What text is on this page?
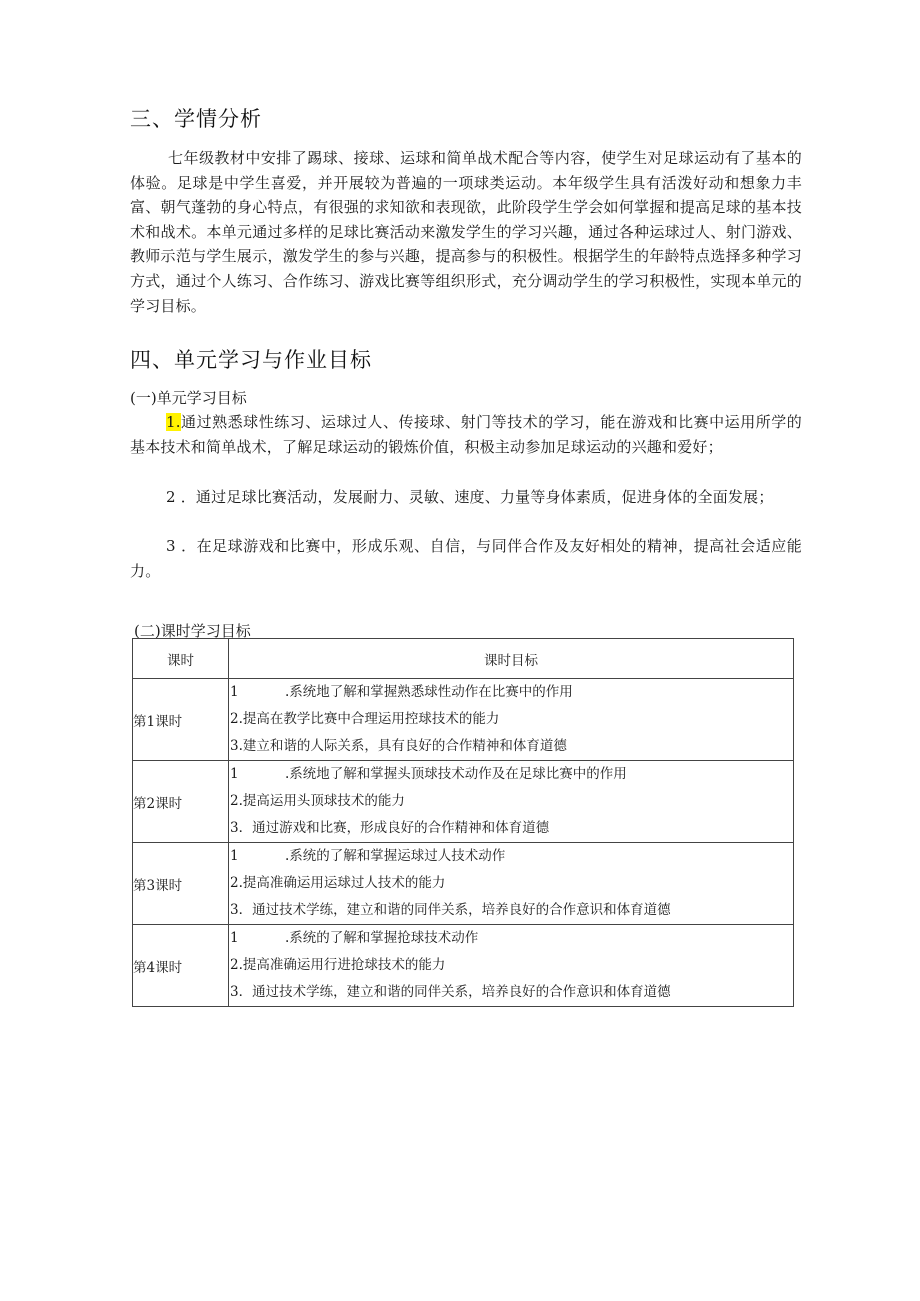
三、学情分析
七年级教材中安排了踢球、接球、运球和简单战术配合等内容，使学生对足球运动有了基本的体验。足球是中学生喜爱，并开展较为普遍的一项球类运动。本年级学生具有活泼好动和想象力丰富、朝气蓬勃的身心特点，有很强的求知欲和表现欲，此阶段学生学会如何掌握和提高足球的基本技术和战术。本单元通过多样的足球比赛活动来激发学生的学习兴趣，通过各种运球过人、射门游戏、教师示范与学生展示，激发学生的参与兴趣，提高参与的积极性。根据学生的年龄特点选择多种学习方式，通过个人练习、合作练习、游戏比赛等组织形式，充分调动学生的学习积极性，实现本单元的学习目标。
四、单元学习与作业目标
(一)单元学习目标
1.通过熟悉球性练习、运球过人、传接球、射门等技术的学习，能在游戏和比赛中运用所学的基本技术和简单战术，了解足球运动的锻炼价值，积极主动参加足球运动的兴趣和爱好；
2 ．通过足球比赛活动，发展耐力、灵敏、速度、力量等身体素质，促进身体的全面发展；
3 ．在足球游戏和比赛中，形成乐观、自信，与同伴合作及友好相处的精神，提高社会适应能力。
(二)课时学习目标
课时	课时目标
第1课时	1 .系统地了解和掌握熟悉球性动作在比赛中的作用
2.提高在教学比赛中合理运用控球技术的能力
3.建立和谐的人际关系，具有良好的合作精神和体育道德

第2课时	1 .系统地了解和掌握头顶球技术动作及在足球比赛中的作用
2.提高运用头顶球技术的能力
3．通过游戏和比赛，形成良好的合作精神和体育道德

第3课时	1 .系统的了解和掌握运球过人技术动作
2.提高准确运用运球过人技术的能力
3．通过技术学练，建立和谐的同伴关系，培养良好的合作意识和体育道德

第4课时	1 .系统的了解和掌握抢球技术动作
2.提高准确运用行进抢球技术的能力
3．通过技术学练，建立和谐的同伴关系，培养良好的合作意识和体育道德
